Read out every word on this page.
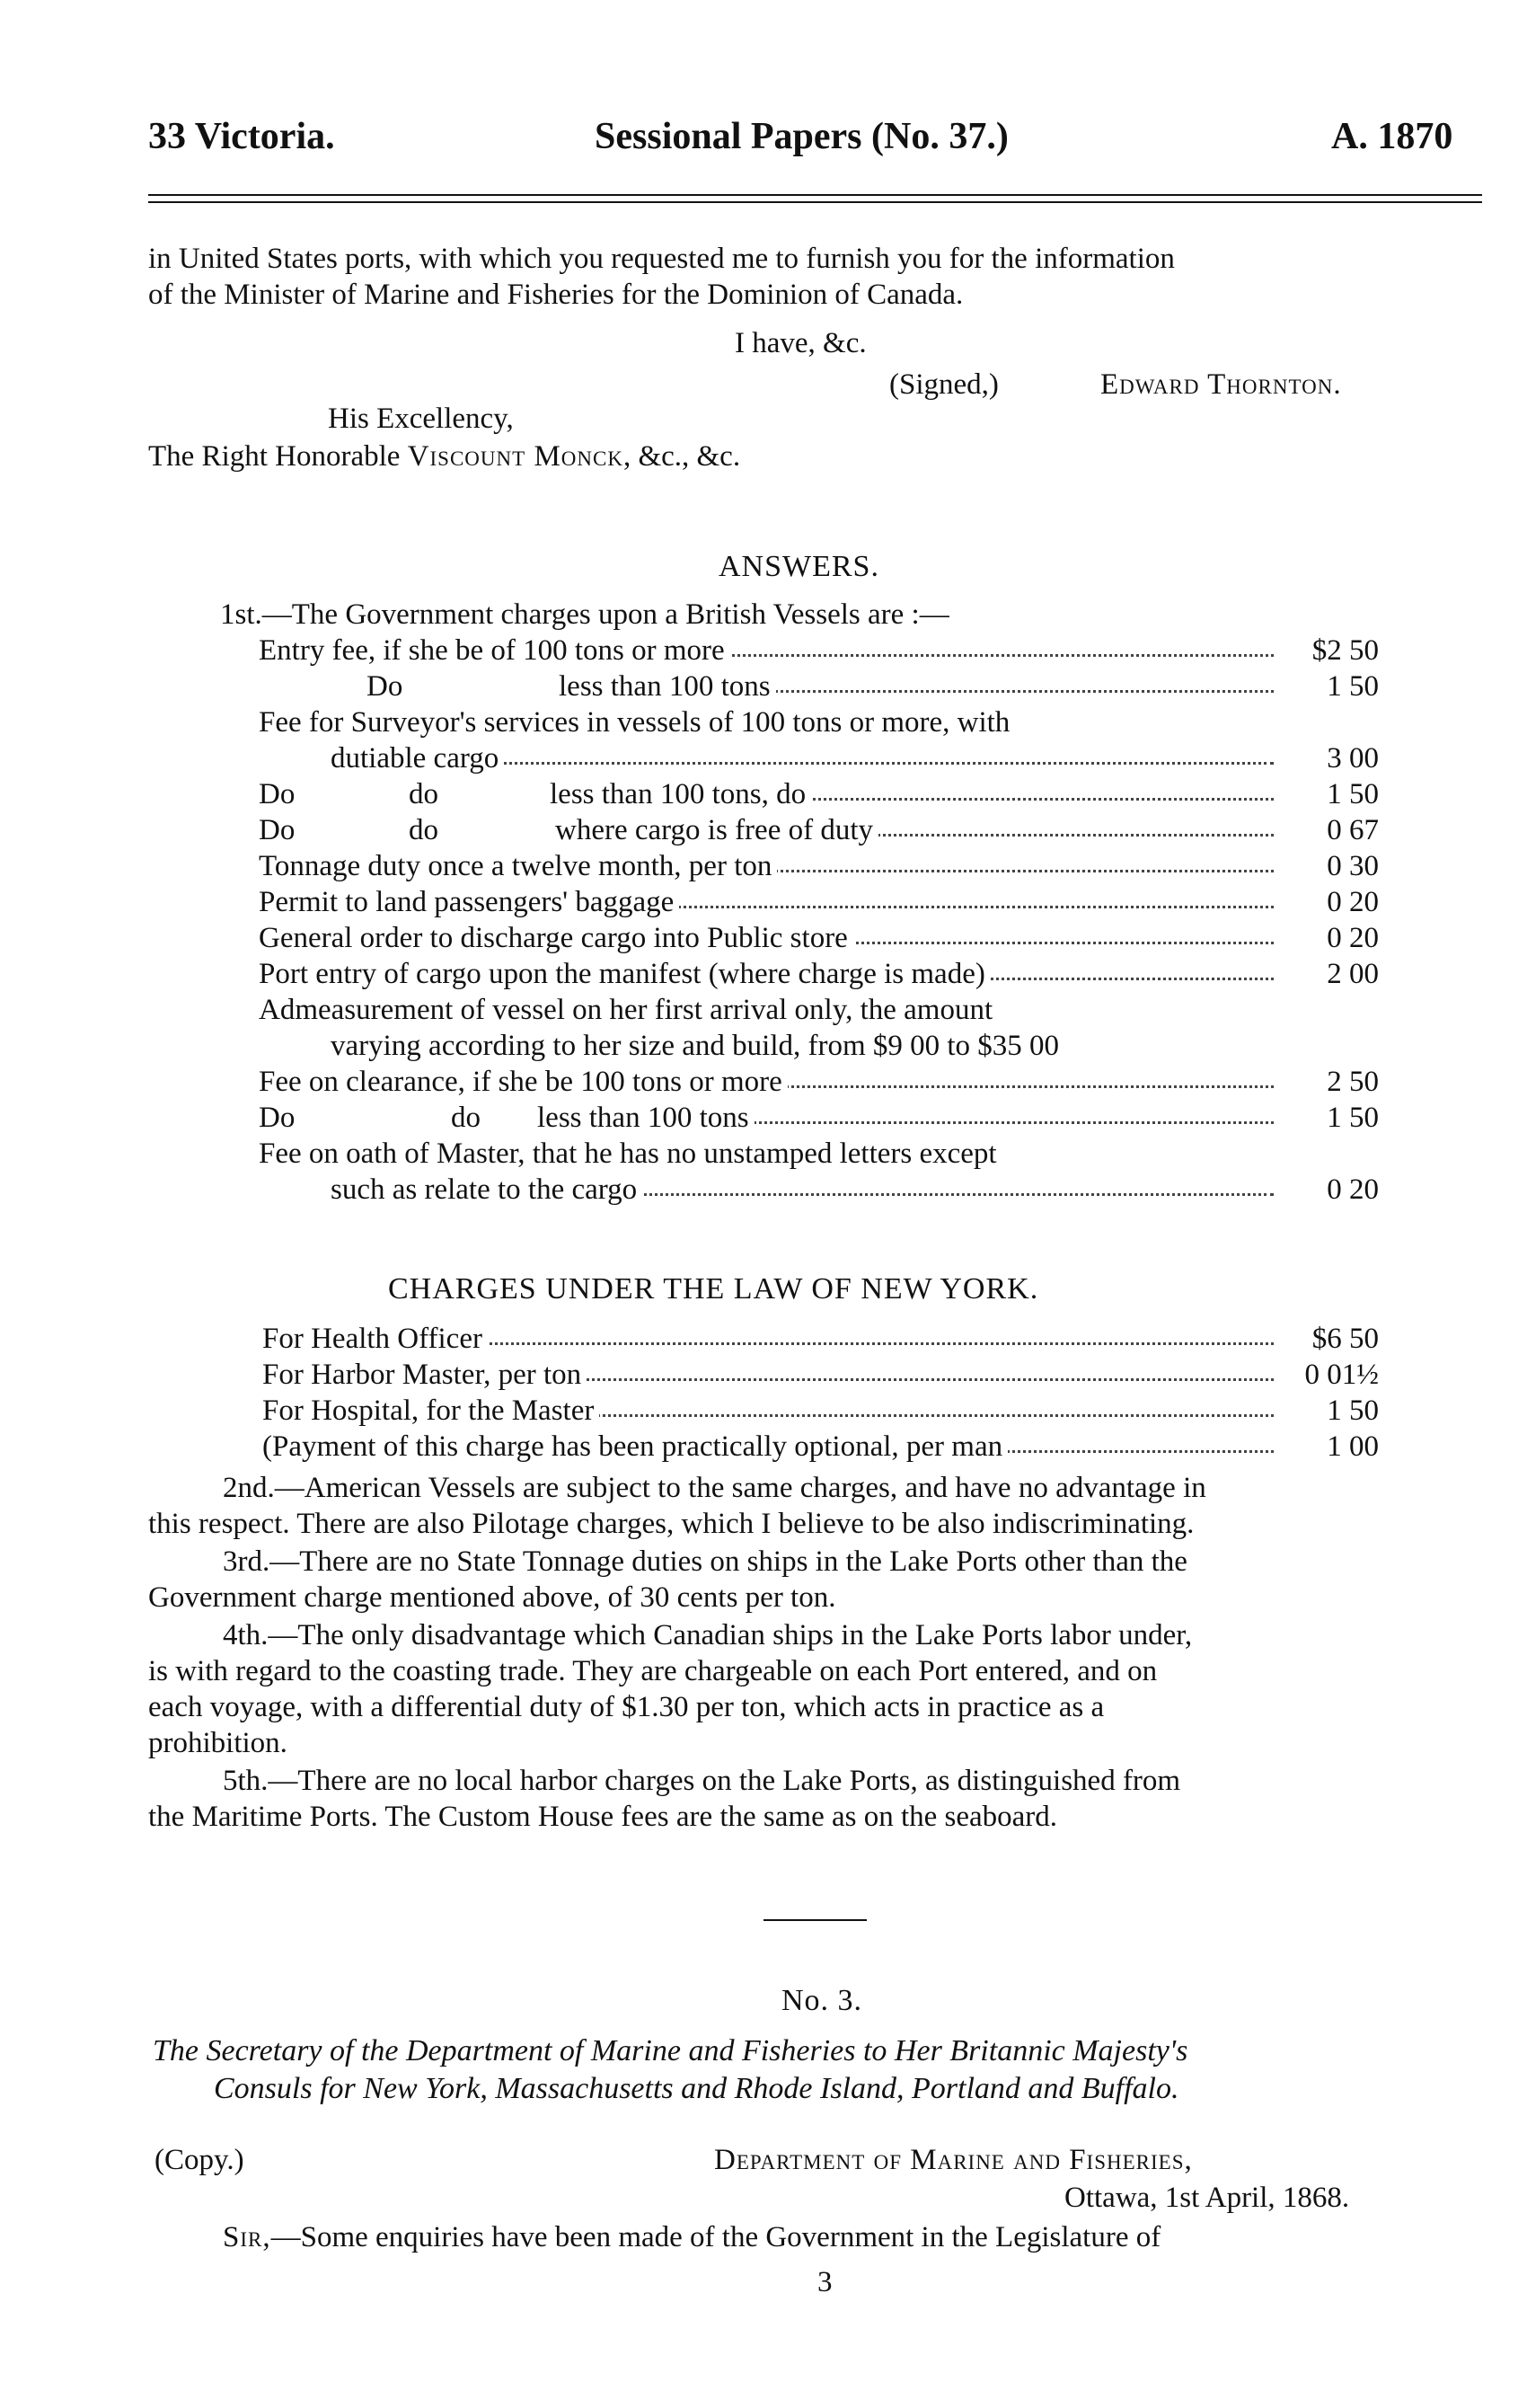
33 Victoria.	Sessional Papers (No. 37.)	A. 1870
in United States ports, with which you requested me to furnish you for the information
of the Minister of Marine and Fisheries for the Dominion of Canada.
I have, &c.
(Signed,)	Edward Thornton.
His Excellency,
The Right Honorable Viscount Monck, &c., &c.
ANSWERS.
1st.—The Government charges upon a British Vessels are :—
Entry fee, if she be of 100 tons or more	$2 50
Do	less than 100 tons	1 50
Fee for Surveyor's services in vessels of 100 tons or more, with
dutiable cargo	3 00
Do	do	less than 100 tons, do	1 50
Do	do	where cargo is free of duty	0 67
Tonnage duty once a twelve month, per ton	0 30
Permit to land passengers' baggage	0 20
General order to discharge cargo into Public store	0 20
Port entry of cargo upon the manifest (where charge is made)	2 00
Admeasurement of vessel on her first arrival only, the amount
varying according to her size and build, from $9 00 to $35 00
Fee on clearance, if she be 100 tons or more	2 50
Do	do less than 100 tons	1 50
Fee on oath of Master, that he has no unstamped letters except
such as relate to the cargo	0 20
CHARGES UNDER THE LAW OF NEW YORK.
For Health Officer	$6 50
For Harbor Master, per ton	0 01½
For Hospital, for the Master	1 50
(Payment of this charge has been practically optional, per man	1 00
2nd.—American Vessels are subject to the same charges, and have no advantage in
this respect. There are also Pilotage charges, which I believe to be also indiscriminating.
3rd.—There are no State Tonnage duties on ships in the Lake Ports other than the
Government charge mentioned above, of 30 cents per ton.
4th.—The only disadvantage which Canadian ships in the Lake Ports labor under,
is with regard to the coasting trade. They are chargeable on each Port entered, and on
each voyage, with a differential duty of $1.30 per ton, which acts in practice as a
prohibition.
5th.—There are no local harbor charges on the Lake Ports, as distinguished from
the Maritime Ports. The Custom House fees are the same as on the seaboard.
No. 3.
The Secretary of the Department of Marine and Fisheries to Her Britannic Majesty's
Consuls for New York, Massachusetts and Rhode Island, Portland and Buffalo.
(Copy.)	Department of Marine and Fisheries,
Ottawa, 1st April, 1868.
Sir,—Some enquiries have been made of the Government in the Legislature of
3
